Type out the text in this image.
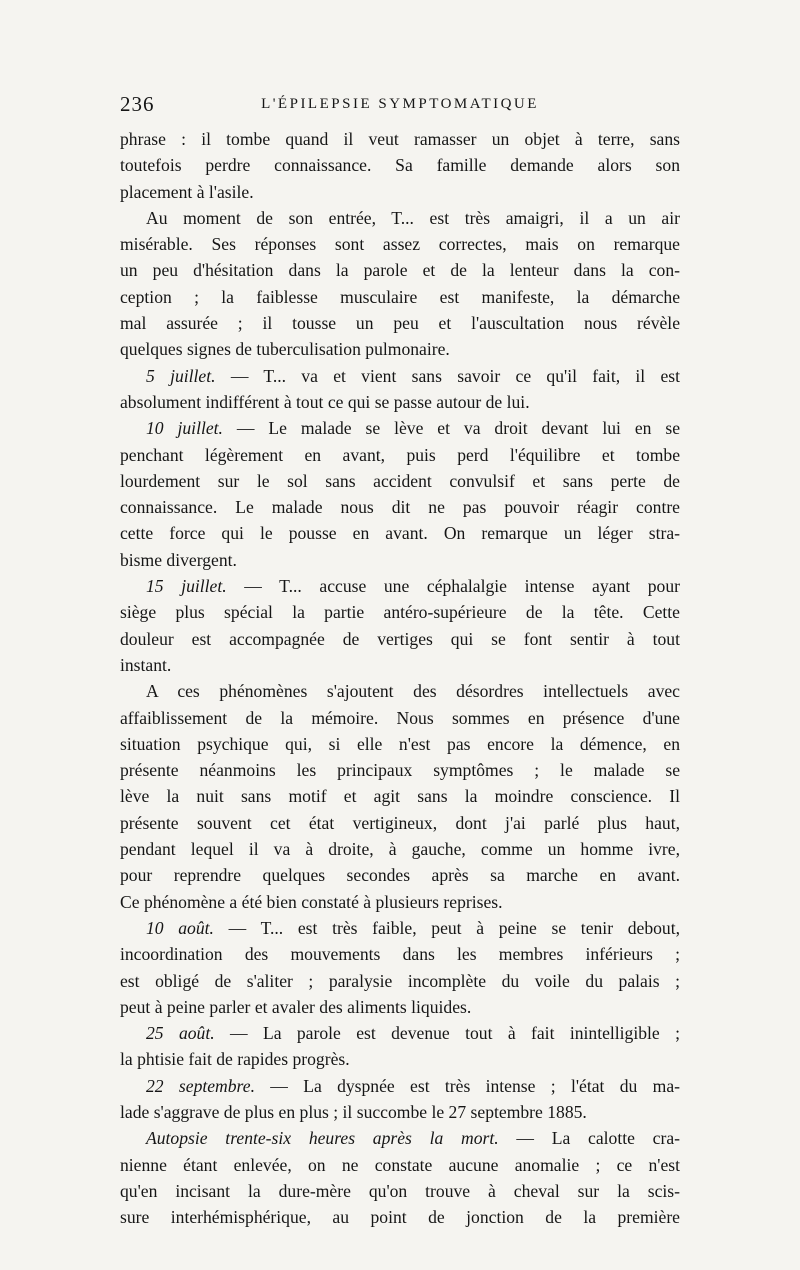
236	L'ÉPILEPSIE SYMPTOMATIQUE
phrase : il tombe quand il veut ramasser un objet à terre, sans
toutefois perdre connaissance. Sa famille demande alors son
placement à l'asile.
Au moment de son entrée, T... est très amaigri, il a un air
misérable. Ses réponses sont assez correctes, mais on remarque
un peu d'hésitation dans la parole et de la lenteur dans la con-
ception ; la faiblesse musculaire est manifeste, la démarche
mal assurée ; il tousse un peu et l'auscultation nous révèle
quelques signes de tuberculisation pulmonaire.
5 juillet. — T... va et vient sans savoir ce qu'il fait, il est
absolument indifférent à tout ce qui se passe autour de lui.
10 juillet. — Le malade se lève et va droit devant lui en se
penchant légèrement en avant, puis perd l'équilibre et tombe
lourdement sur le sol sans accident convulsif et sans perte de
connaissance. Le malade nous dit ne pas pouvoir réagir contre
cette force qui le pousse en avant. On remarque un léger stra-
bisme divergent.
15 juillet. — T... accuse une céphalalgie intense ayant pour
siège plus spécial la partie antéro-supérieure de la tête. Cette
douleur est accompagnée de vertiges qui se font sentir à tout
instant.
A ces phénomènes s'ajoutent des désordres intellectuels avec
affaiblissement de la mémoire. Nous sommes en présence d'une
situation psychique qui, si elle n'est pas encore la démence, en
présente néanmoins les principaux symptômes ; le malade se
lève la nuit sans motif et agit sans la moindre conscience. Il
présente souvent cet état vertigineux, dont j'ai parlé plus haut,
pendant lequel il va à droite, à gauche, comme un homme ivre,
pour reprendre quelques secondes après sa marche en avant.
Ce phénomène a été bien constaté à plusieurs reprises.
10 août. — T... est très faible, peut à peine se tenir debout,
incoordination des mouvements dans les membres inférieurs ;
est obligé de s'aliter ; paralysie incomplète du voile du palais ;
peut à peine parler et avaler des aliments liquides.
25 août. — La parole est devenue tout à fait inintelligible ;
la phtisie fait de rapides progrès.
22 septembre. — La dyspnée est très intense ; l'état du ma-
lade s'aggrave de plus en plus ; il succombe le 27 septembre 1885.
Autopsie trente-six heures après la mort. — La calotte cra-
nienne étant enlevée, on ne constate aucune anomalie ; ce n'est
qu'en incisant la dure-mère qu'on trouve à cheval sur la scis-
sure interhémisphérique, au point de jonction de la première
